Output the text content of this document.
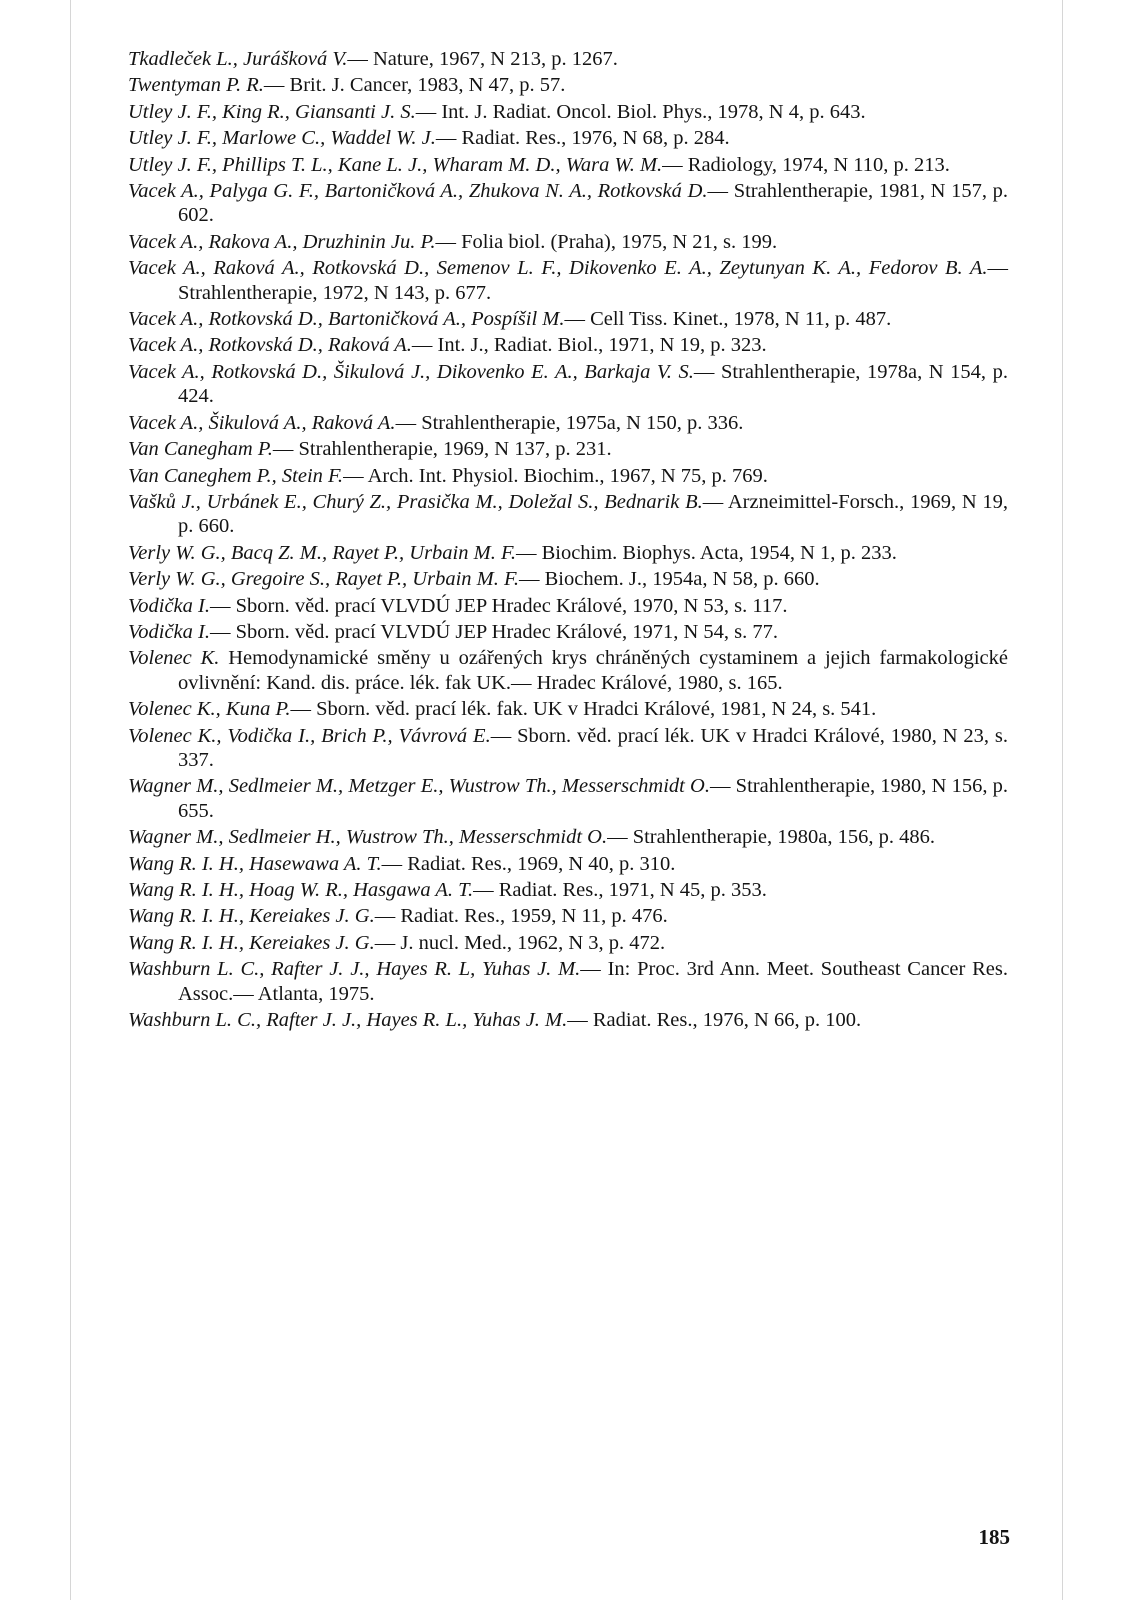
Tkadleček L., Jurášková V.— Nature, 1967, N 213, p. 1267.

Twentyman P. R.— Brit. J. Cancer, 1983, N 47, p. 57.

Utley J. F., King R., Giansanti J. S.— Int. J. Radiat. Oncol. Biol. Phys., 1978, N 4, p. 643.

Utley J. F., Marlowe C., Waddel W. J.— Radiat. Res., 1976, N 68, p. 284.

Utley J. F., Phillips T. L., Kane L. J., Wharam M. D., Wara W. M.— Radiology, 1974, N 110, p. 213.

Vacek A., Palyga G. F., Bartoničková A., Zhukova N. A., Rotkovská D.— Strahlentherapie, 1981, N 157, p. 602.

Vacek A., Rakova A., Druzhinin Ju. P.— Folia biol. (Praha), 1975, N 21, s. 199.

Vacek A., Raková A., Rotkovská D., Semenov L. F., Dikovenko E. A., Zeytunyan K. A., Fedorov B. A.— Strahlentherapie, 1972, N 143, p. 677.

Vacek A., Rotkovská D., Bartoničková A., Pospíšil M.— Cell Tiss. Kinet., 1978, N 11, p. 487.

Vacek A., Rotkovská D., Raková A.— Int. J., Radiat. Biol., 1971, N 19, p. 323.

Vacek A., Rotkovská D., Šikulová J., Dikovenko E. A., Barkaja V. S.— Strahlentherapie, 1978a, N 154, p. 424.

Vacek A., Šikulová A., Raková A.— Strahlentherapie, 1975a, N 150, p. 336.

Van Canegham P.— Strahlentherapie, 1969, N 137, p. 231.

Van Caneghem P., Stein F.— Arch. Int. Physiol. Biochim., 1967, N 75, p. 769.

Vašků J., Urbánek E., Churý Z., Prasička M., Doležal S., Bednarik B.— Arzneimittel-Forsch., 1969, N 19, p. 660.

Verly W. G., Bacq Z. M., Rayet P., Urbain M. F.— Biochim. Biophys. Acta, 1954, N 1, p. 233.

Verly W. G., Gregoire S., Rayet P., Urbain M. F.— Biochem. J., 1954a, N 58, p. 660.

Vodička I.— Sborn. věd. prací VLVDÚ JEP Hradec Králové, 1970, N 53, s. 117.

Vodička I.— Sborn. věd. prací VLVDÚ JEP Hradec Králové, 1971, N 54, s. 77.

Volenec K. Hemodynamické směny u ozářených krys chráněných cystaminem a jejich farmakologické ovlivnění: Kand. dis. práce. lék. fak UK.— Hradec Králové, 1980, s. 165.

Volenec K., Kuna P.— Sborn. věd. prací lék. fak. UK v Hradci Králové, 1981, N 24, s. 541.

Volenec K., Vodička I., Brich P., Vávrová E.— Sborn. věd. prací lék. UK v Hradci Králové, 1980, N 23, s. 337.

Wagner M., Sedlmeier M., Metzger E., Wustrow Th., Messerschmidt O.— Strahlentherapie, 1980, N 156, p. 655.

Wagner M., Sedlmeier H., Wustrow Th., Messerschmidt O.— Strahlentherapie, 1980a, 156, p. 486.

Wang R. I. H., Hasewawa A. T.— Radiat. Res., 1969, N 40, p. 310.

Wang R. I. H., Hoag W. R., Hasgawa A. T.— Radiat. Res., 1971, N 45, p. 353.

Wang R. I. H., Kereiakes J. G.— Radiat. Res., 1959, N 11, p. 476.

Wang R. I. H., Kereiakes J. G.— J. nucl. Med., 1962, N 3, p. 472.

Washburn L. C., Rafter J. J., Hayes R. L, Yuhas J. M.— In: Proc. 3rd Ann. Meet. Southeast Cancer Res. Assoc.— Atlanta, 1975.

Washburn L. C., Rafter J. J., Hayes R. L., Yuhas J. M.— Radiat. Res., 1976, N 66, p. 100.

185
